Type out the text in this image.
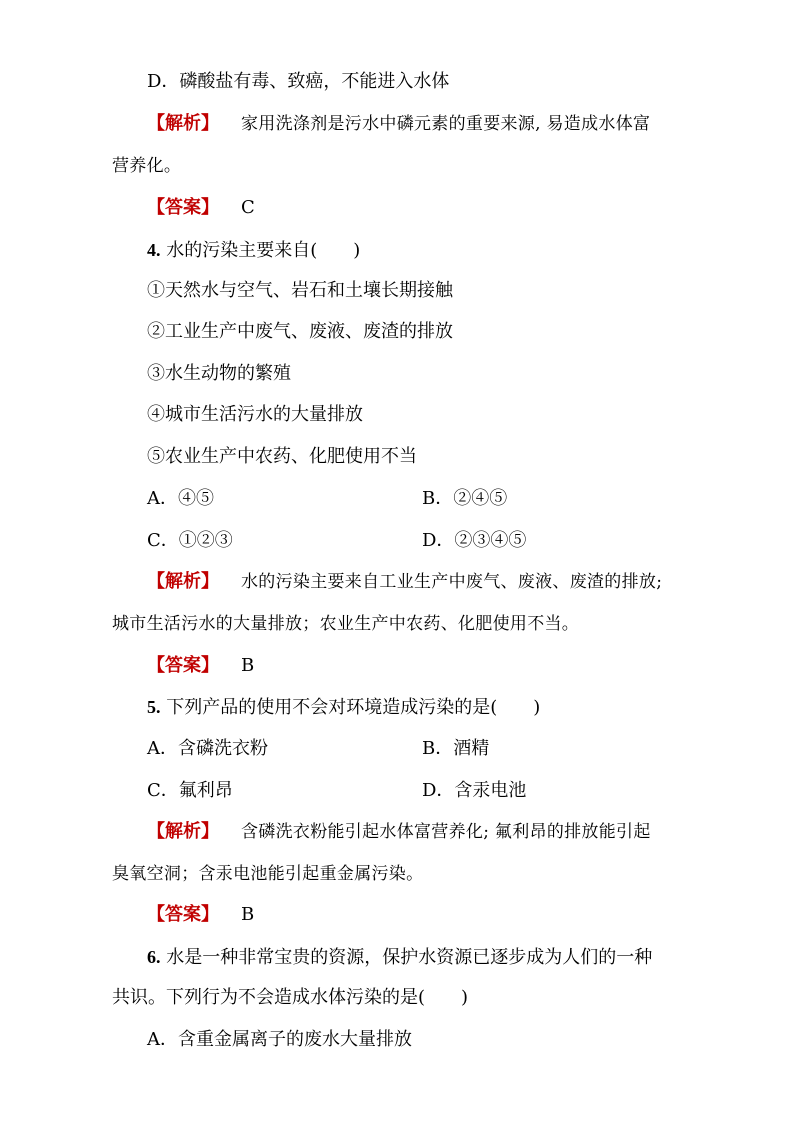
D．磷酸盐有毒、致癌，不能进入水体
【解析】 家用洗涤剂是污水中磷元素的重要来源, 易造成水体富
营养化。
【答案】 C
4. 水的污染主要来自(　　)
①天然水与空气、岩石和土壤长期接触
②工业生产中废气、废液、废渣的排放
③水生动物的繁殖
④城市生活污水的大量排放
⑤农业生产中农药、化肥使用不当
A．④⑤	B．②④⑤
C．①②③	D．②③④⑤
【解析】 水的污染主要来自工业生产中废气、废液、废渣的排放;
城市生活污水的大量排放；农业生产中农药、化肥使用不当。
【答案】 B
5. 下列产品的使用不会对环境造成污染的是(　　)
A．含磷洗衣粉	B．酒精
C．氟利昂	D．含汞电池
【解析】 含磷洗衣粉能引起水体富营养化; 氟利昂的排放能引起
臭氧空洞；含汞电池能引起重金属污染。
【答案】 B
6. 水是一种非常宝贵的资源，保护水资源已逐步成为人们的一种
共识。下列行为不会造成水体污染的是(　　)
A．含重金属离子的废水大量排放
